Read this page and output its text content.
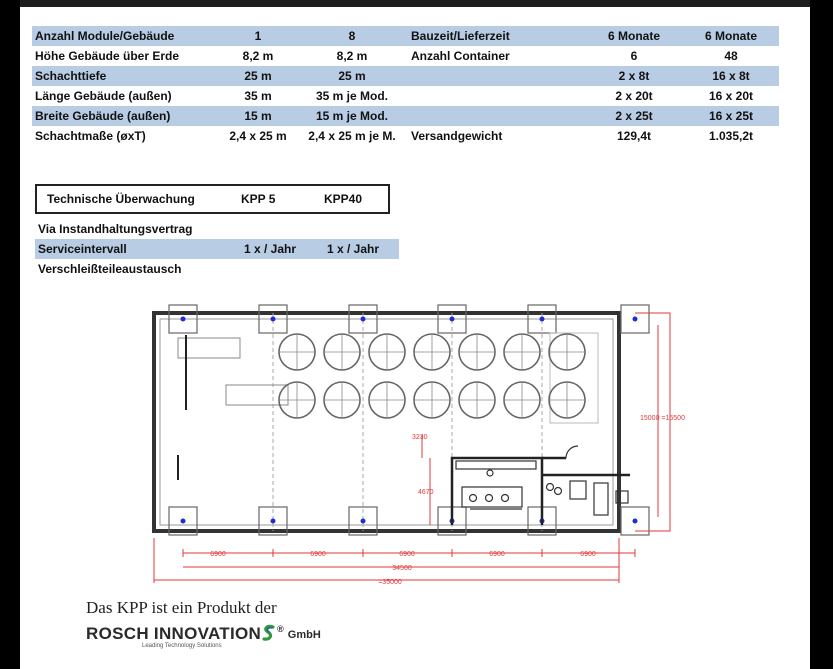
Anzahl Module/Gebäude	1	8	Bauzeit/Lieferzeit	6 Monate	6 Monate
Höhe Gebäude über Erde	8,2 m	8,2 m	Anzahl Container	6	48
Schachttiefe	25 m	25 m		2 x 8t	16 x 8t
Länge Gebäude (außen)	35 m	35 m je Mod.		2 x 20t	16 x 20t
Breite Gebäude (außen)	15 m	15 m je Mod.		2 x 25t	16 x 25t
Schachtmaße (øxT)	2,4 x 25 m	2,4 x 25 m je M.	Versandgewicht	129,4t	1.035,2t
Technische Überwachung	KPP 5	KPP40
Via Instandhaltungsvertrag
Serviceintervall	1 x / Jahr	1 x / Jahr
Verschleißteileaustausch
15000 =15500
3230
4670
6900	6900	6900	6900	6900
34500
=35000
Das KPP ist ein Produkt der
ROSCH INNOVATION ® GmbH
Leading Technology Solutions
